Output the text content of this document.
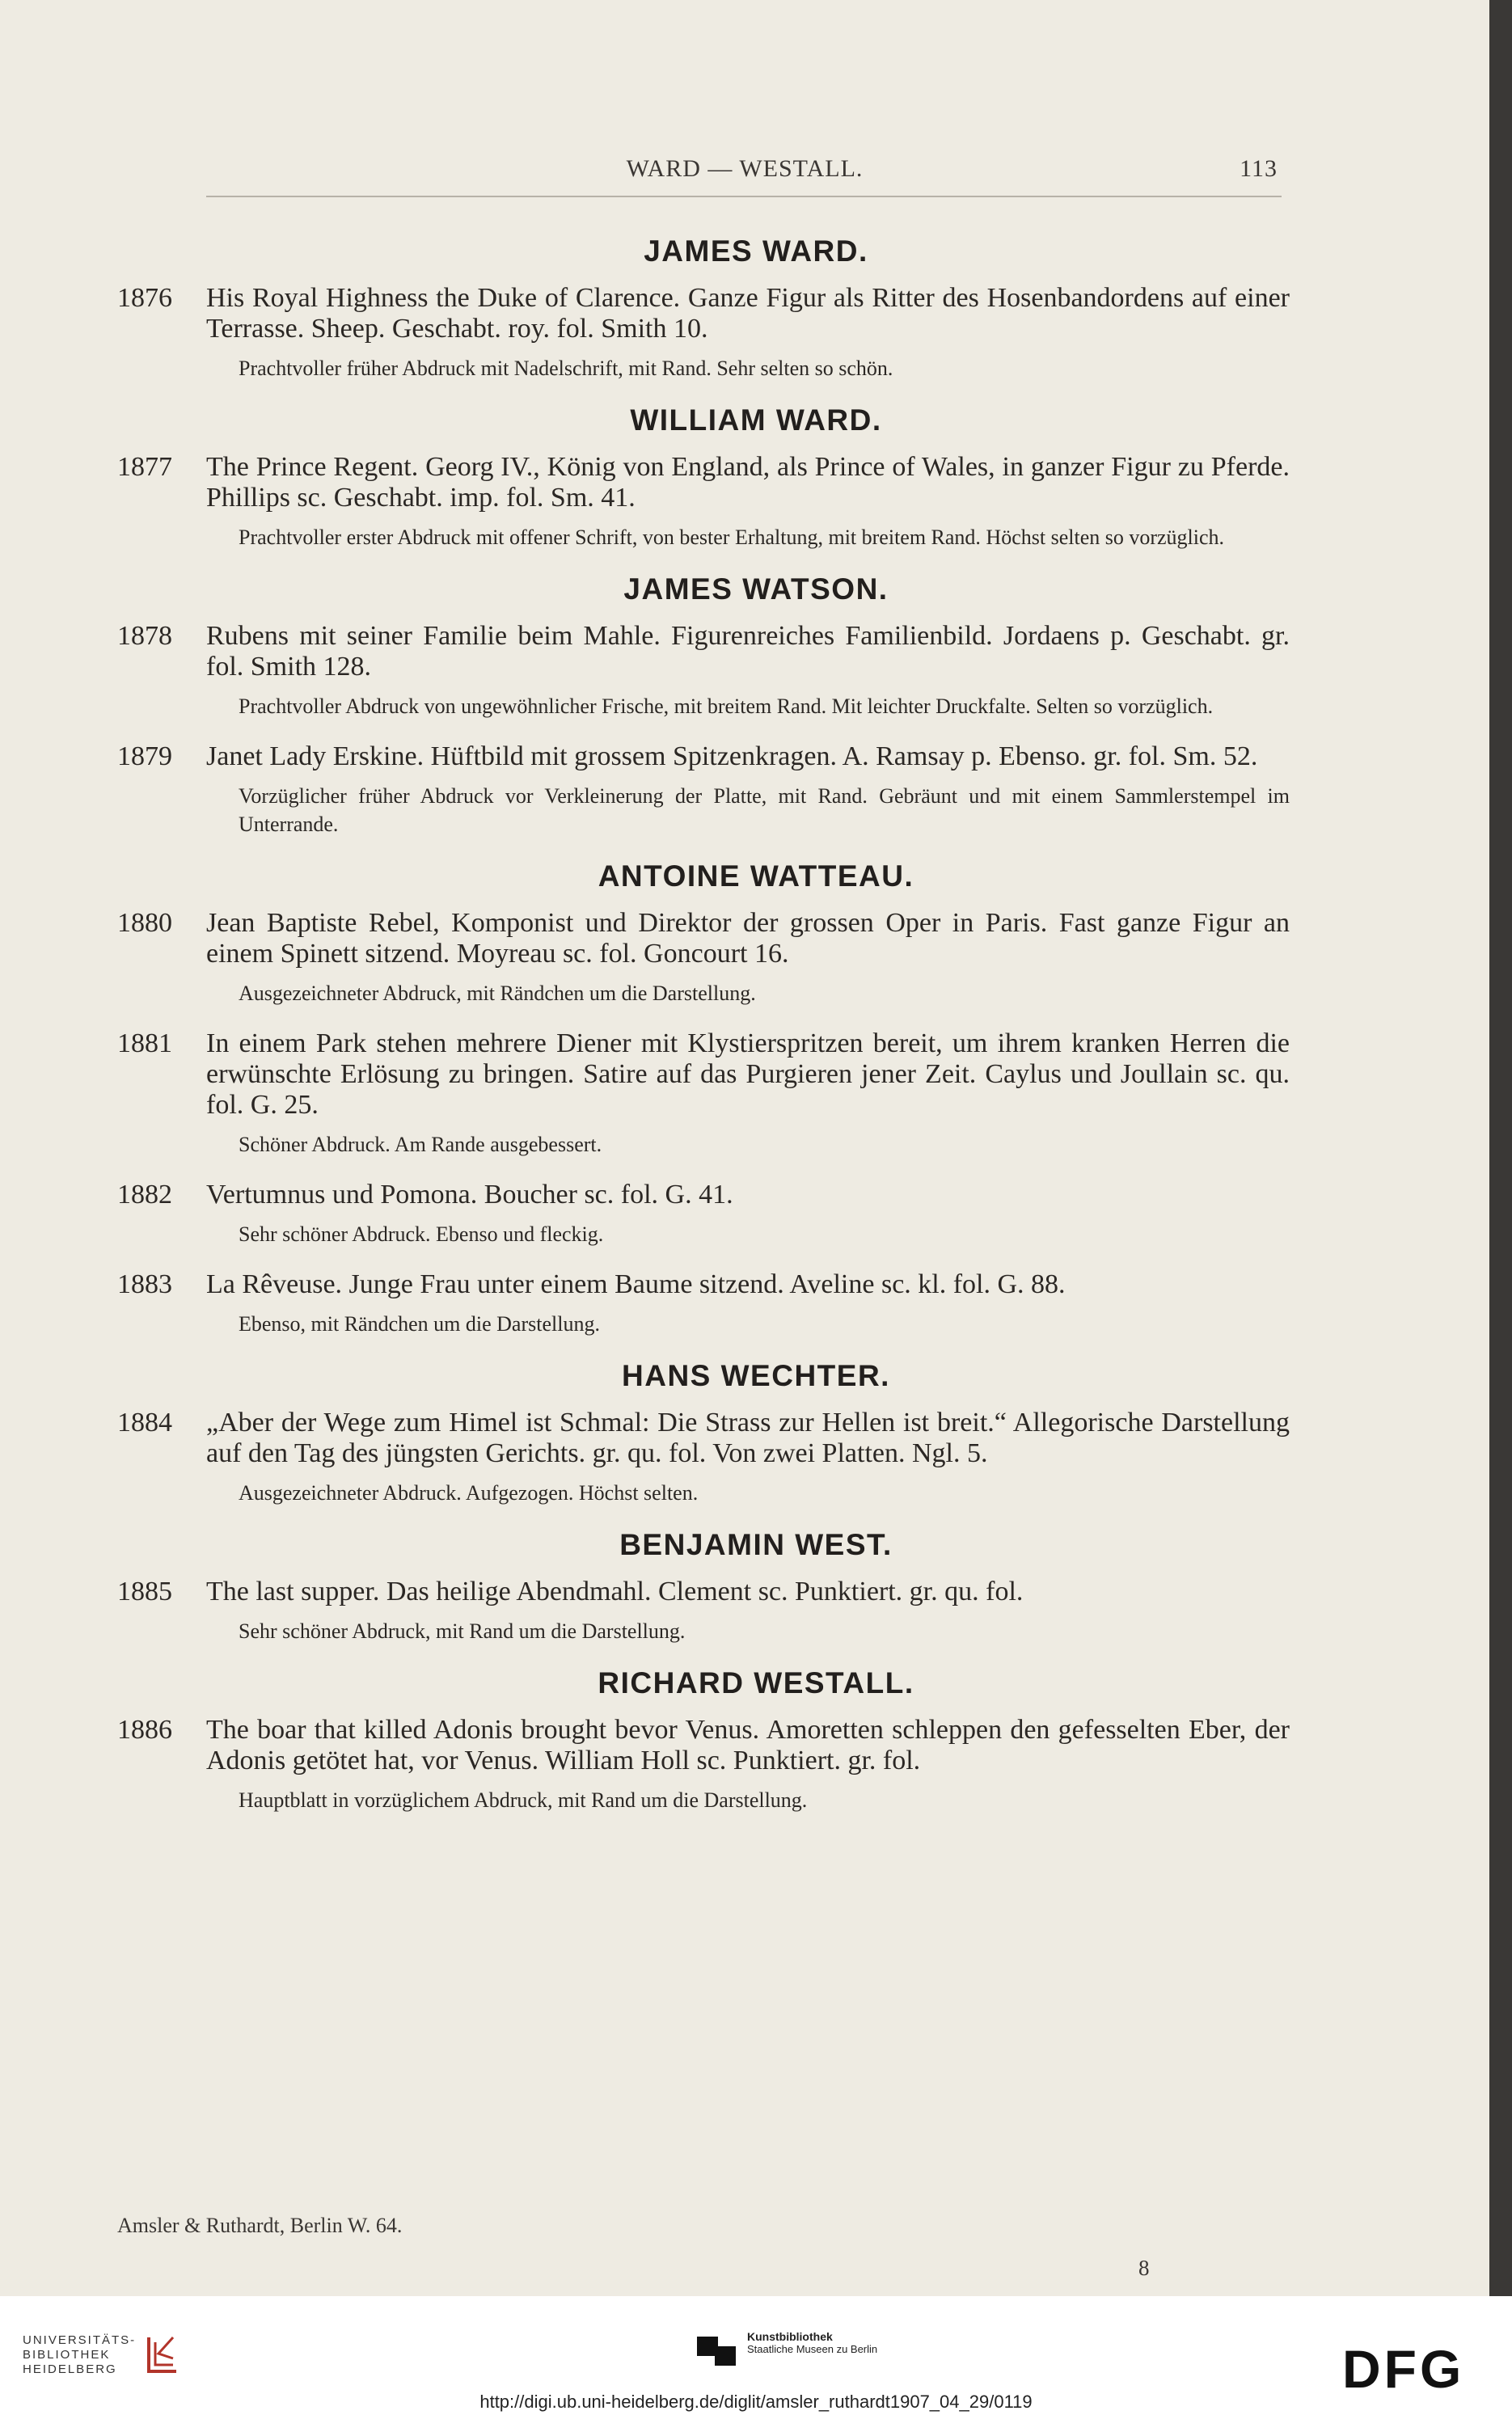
WARD — WESTALL.	113
JAMES WARD.
1876 His Royal Highness the Duke of Clarence. Ganze Figur als Ritter des Hosenbandordens auf einer Terrasse. Sheep. Geschabt. roy. fol. Smith 10.

Prachtvoller früher Abdruck mit Nadelschrift, mit Rand. Sehr selten so schön.

WILLIAM WARD.
1877 The Prince Regent. Georg IV., König von England, als Prince of Wales, in ganzer Figur zu Pferde. Phillips sc. Geschabt. imp. fol. Sm. 41.

Prachtvoller erster Abdruck mit offener Schrift, von bester Erhaltung, mit breitem Rand. Höchst selten so vorzüglich.

JAMES WATSON.
1878 Rubens mit seiner Familie beim Mahle. Figurenreiches Familienbild. Jordaens p. Geschabt. gr. fol. Smith 128.

Prachtvoller Abdruck von ungewöhnlicher Frische, mit breitem Rand. Mit leichter Druckfalte. Selten so vorzüglich.

1879 Janet Lady Erskine. Hüftbild mit grossem Spitzenkragen. A. Ramsay p. Ebenso. gr. fol. Sm. 52.

Vorzüglicher früher Abdruck vor Verkleinerung der Platte, mit Rand. Gebräunt und mit einem Sammlerstempel im Unterrande.

ANTOINE WATTEAU.
1880 Jean Baptiste Rebel, Komponist und Direktor der grossen Oper in Paris. Fast ganze Figur an einem Spinett sitzend. Moyreau sc. fol. Goncourt 16.

Ausgezeichneter Abdruck, mit Rändchen um die Darstellung.

1881 In einem Park stehen mehrere Diener mit Klystierspritzen bereit, um ihrem kranken Herren die erwünschte Erlösung zu bringen. Satire auf das Purgieren jener Zeit. Caylus und Joullain sc. qu. fol. G. 25.

Schöner Abdruck. Am Rande ausgebessert.

1882 Vertumnus und Pomona. Boucher sc. fol. G. 41.

Sehr schöner Abdruck. Ebenso und fleckig.

1883 La Rêveuse. Junge Frau unter einem Baume sitzend. Aveline sc. kl. fol. G. 88.

Ebenso, mit Rändchen um die Darstellung.

HANS WECHTER.
1884 „Aber der Wege zum Himel ist Schmal: Die Strass zur Hellen ist breit.“ Allegorische Darstellung auf den Tag des jüngsten Gerichts. gr. qu. fol. Von zwei Platten. Ngl. 5.

Ausgezeichneter Abdruck. Aufgezogen. Höchst selten.

BENJAMIN WEST.
1885 The last supper. Das heilige Abendmahl. Clement sc. Punktiert. gr. qu. fol.

Sehr schöner Abdruck, mit Rand um die Darstellung.

RICHARD WESTALL.
1886 The boar that killed Adonis brought bevor Venus. Amoretten schleppen den gefesselten Eber, der Adonis getötet hat, vor Venus. William Holl sc. Punktiert. gr. fol.

Hauptblatt in vorzüglichem Abdruck, mit Rand um die Darstellung.

Amsler & Ruthardt, Berlin W. 64.
8
UNIVERSITÄTS-
BIBLIOTHEK
HEIDELBERG
Kunstbibliothek
Staatliche Museen zu Berlin	DFG
http://digi.ub.uni-heidelberg.de/diglit/amsler_ruthardt1907_04_29/0119
